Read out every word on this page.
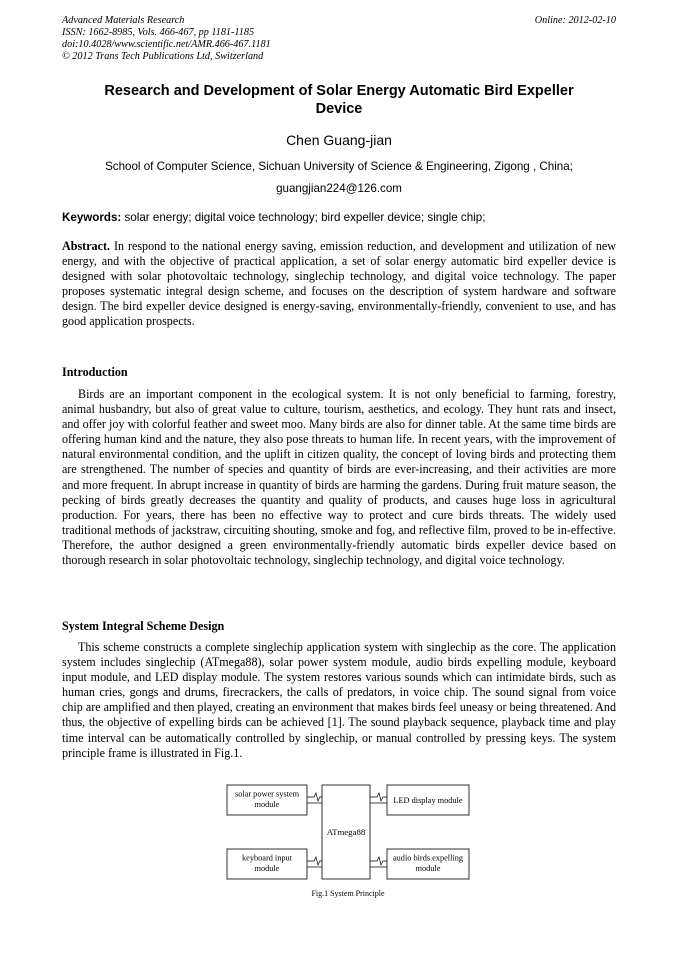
Advanced Materials Research
ISSN: 1662-8985, Vols. 466-467, pp 1181-1185
doi:10.4028/www.scientific.net/AMR.466-467.1181
© 2012 Trans Tech Publications Ltd, Switzerland
Online: 2012-02-10
Research and Development of Solar Energy Automatic Bird Expeller
Device
Chen Guang-jian
School of Computer Science, Sichuan University of Science & Engineering, Zigong , China;
guangjian224@126.com
Keywords: solar energy; digital voice technology; bird expeller device; single chip;
Abstract. In respond to the national energy saving, emission reduction, and development and utilization of new energy, and with the objective of practical application, a set of solar energy automatic bird expeller device is designed with solar photovoltaic technology, singlechip technology, and digital voice technology. The paper proposes systematic integral design scheme, and focuses on the description of system hardware and software design. The bird expeller device designed is energy-saving, environmentally-friendly, convenient to use, and has good application prospects.
Introduction
Birds are an important component in the ecological system. It is not only beneficial to farming, forestry, animal husbandry, but also of great value to culture, tourism, aesthetics, and ecology. They hunt rats and insect, and offer joy with colorful feather and sweet moo. Many birds are also for dinner table. At the same time birds are offering human kind and the nature, they also pose threats to human life. In recent years, with the improvement of natural environmental condition, and the uplift in citizen quality, the concept of loving birds and protecting them are strengthened. The number of species and quantity of birds are ever-increasing, and their activities are more and more frequent. In abrupt increase in quantity of birds are harming the gardens. During fruit mature season, the pecking of birds greatly decreases the quantity and quality of products, and causes huge loss in agricultural production. For years, there has been no effective way to protect and cure birds threats. The widely used traditional methods of jackstraw, circuiting shouting, smoke and fog, and reflective film, proved to be in-effective. Therefore, the author designed a green environmentally-friendly automatic birds expeller device based on thorough research in solar photovoltaic technology, singlechip technology, and digital voice technology.
System Integral Scheme Design
This scheme constructs a complete singlechip application system with singlechip as the core. The application system includes singlechip (ATmega88), solar power system module, audio birds expelling module, keyboard input module, and LED display module. The system restores various sounds which can intimidate birds, such as human cries, gongs and drums, firecrackers, the calls of predators, in voice chip. The sound signal from voice chip are amplified and then played, creating an environment that makes birds feel uneasy or being threatened. And thus, the objective of expelling birds can be achieved [1]. The sound playback sequence, playback time and play time interval can be automatically controlled by singlechip, or manual controlled by pressing keys. The system principle frame is illustrated in Fig.1.
solar power system
module
keyboard input
module
ATmega88
LED display module
audio birds expelling
module
Fig.1 System Principle
